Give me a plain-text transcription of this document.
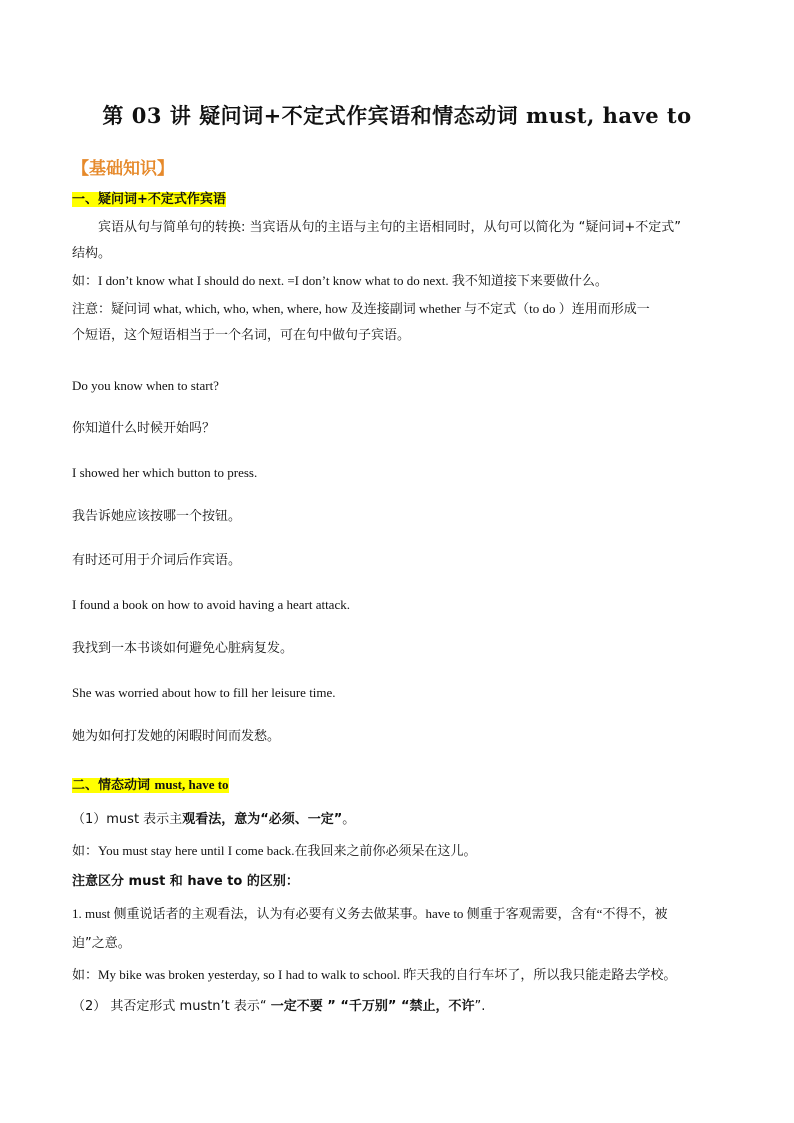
第 03 讲 疑问词+不定式作宾语和情态动词 must, have to
【基础知识】
一、疑问词+不定式作宾语
宾语从句与简单句的转换: 当宾语从句的主语与主句的主语相同时，从句可以简化为 “疑问词+不定式”
结构。
如：I don’t know what I should do next. =I don’t know what to do next. 我不知道接下来要做什么。
注意：疑问词 what, which, who, when, where, how 及连接副词 whether 与不定式（to do ）连用而形成一
个短语，这个短语相当于一个名词，可在句中做句子宾语。
Do you know when to start?
你知道什么时候开始吗？
I showed her which button to press.
我告诉她应该按哪一个按钮。
有时还可用于介词后作宾语。
I found a book on how to avoid having a heart attack.
我找到一本书谈如何避免心脏病复发。
She was worried about how to fill her leisure time.
她为如何打发她的闲暇时间而发愁。
二、情态动词 must, have to
（1）must 表示主观看法，意为“必须、一定”。
如：You must stay here until I come back.在我回来之前你必须呆在这儿。
注意区分 must 和 have to 的区别：
1. must 侧重说话者的主观看法，认为有必要有义务去做某事。have to 侧重于客观需要，含有“不得不，被
迫”之意。
如：My bike was broken yesterday, so I had to walk to school. 昨天我的自行车坏了，所以我只能走路去学校。
（2） 其否定形式 mustn’t 表示“ 一定不要 ” “千万别” “禁止，不许”.
